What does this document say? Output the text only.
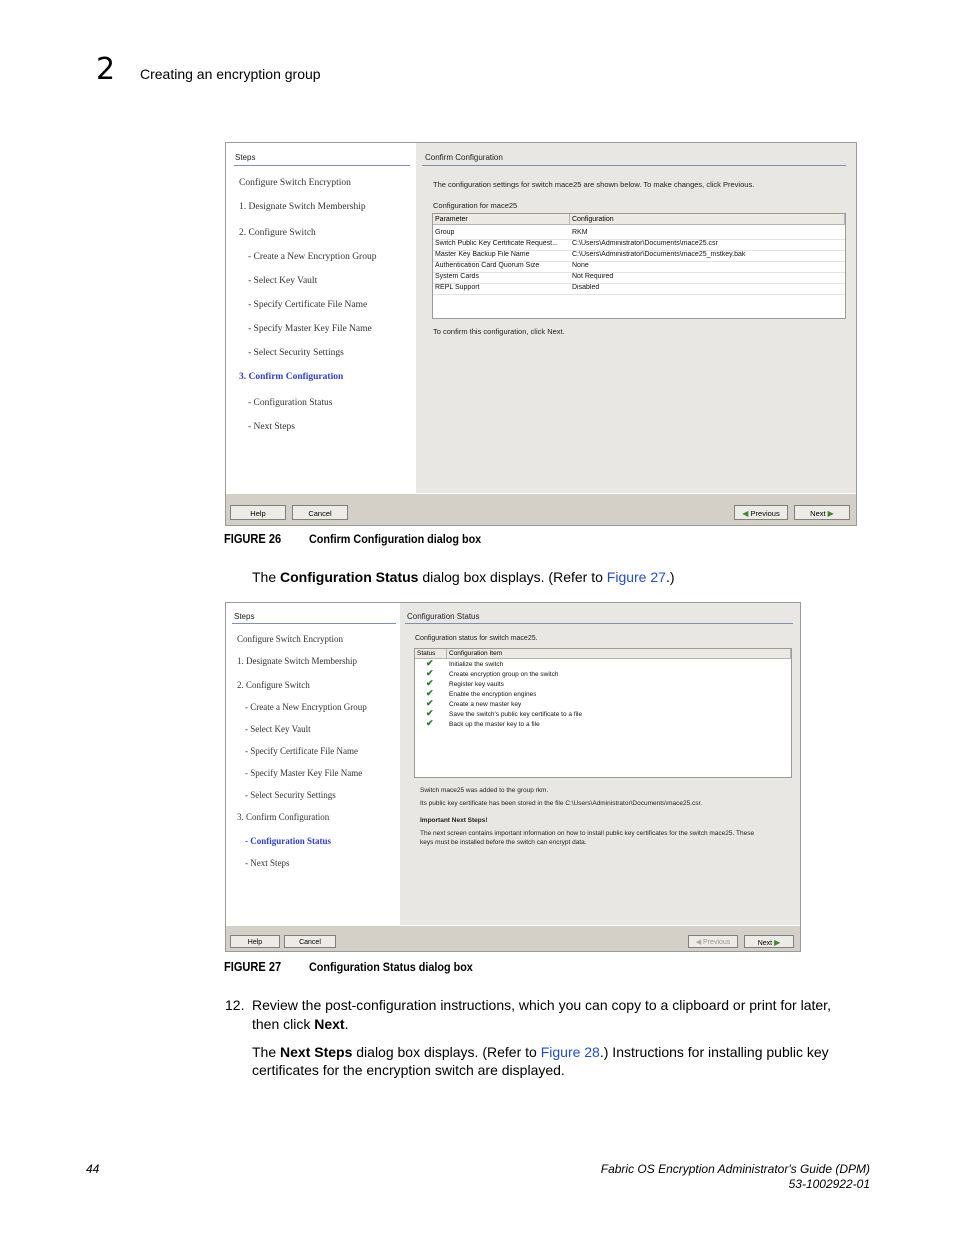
2 Creating an encryption group
Steps
Configure Switch Encryption
1. Designate Switch Membership
2. Configure Switch
- Create a New Encryption Group
- Select Key Vault
- Specify Certificate File Name
- Specify Master Key File Name
- Select Security Settings
3. Confirm Configuration
- Configuration Status
- Next Steps
Confirm Configuration
The configuration settings for switch mace25 are shown below. To make changes, click Previous.
Configuration for mace25
Parameter	Configuration
Group	RKM
Switch Public Key Certificate Request...	C:\Users\Administrator\Documents\mace25.csr
Master Key Backup File Name	C:\Users\Administrator\Documents\mace25_mstkey.bak
Authentication Card Quorum Size	None
System Cards	Not Required
REPL Support	Disabled
To confirm this configuration, click Next.
Help	Cancel	◀ Previous	Next ▶
FIGURE 26 Confirm Configuration dialog box
The Configuration Status dialog box displays. (Refer to Figure 27.)
Steps
Configure Switch Encryption
1. Designate Switch Membership
2. Configure Switch
- Create a New Encryption Group
- Select Key Vault
- Specify Certificate File Name
- Specify Master Key File Name
- Select Security Settings
3. Confirm Configuration
- Configuration Status
- Next Steps
Configuration Status
Configuration status for switch mace25.
Status	Configuration Item
✔ Initialize the switch
✔ Create encryption group on the switch
✔ Register key vaults
✔ Enable the encryption engines
✔ Create a new master key
✔ Save the switch's public key certificate to a file
✔ Back up the master key to a file
Switch mace25 was added to the group rkm.
Its public key certificate has been stored in the file C:\Users\Administrator\Documents\mace25.csr.
Important Next Steps!
The next screen contains important information on how to install public key certificates for the switch mace25. These
keys must be installed before the switch can encrypt data.
Help	Cancel	◀ Previous	Next ▶
FIGURE 27 Configuration Status dialog box
12. Review the post-configuration instructions, which you can copy to a clipboard or print for later,
then click Next.
The Next Steps dialog box displays. (Refer to Figure 28.) Instructions for installing public key
certificates for the encryption switch are displayed.
44	Fabric OS Encryption Administrator's Guide (DPM)
53-1002922-01
